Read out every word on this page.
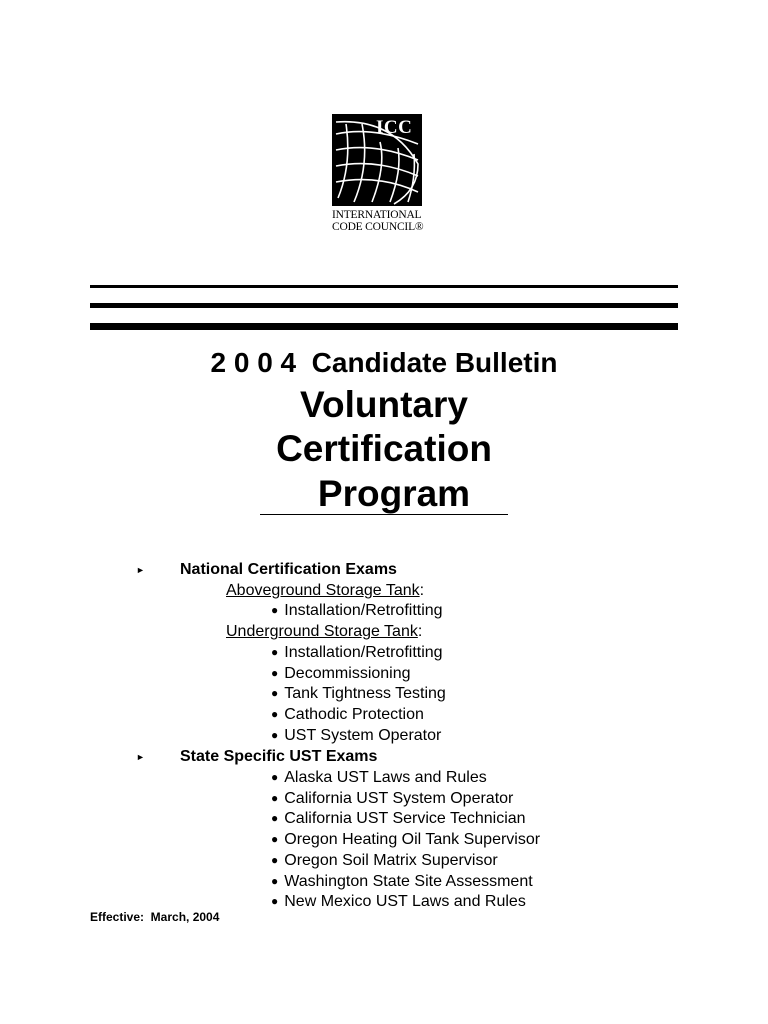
ICC
INTERNATIONAL
CODE COUNCIL®
2 0 0 4  Candidate Bulletin
Voluntary
Certification
Program
► National Certification Exams
Aboveground Storage Tank:
● Installation/Retrofitting
Underground Storage Tank:
● Installation/Retrofitting
● Decommissioning
● Tank Tightness Testing
● Cathodic Protection
● UST System Operator
► State Specific UST Exams
● Alaska UST Laws and Rules
● California UST System Operator
● California UST Service Technician
● Oregon Heating Oil Tank Supervisor
● Oregon Soil Matrix Supervisor
● Washington State Site Assessment
● New Mexico UST Laws and Rules
Effective:  March, 2004
